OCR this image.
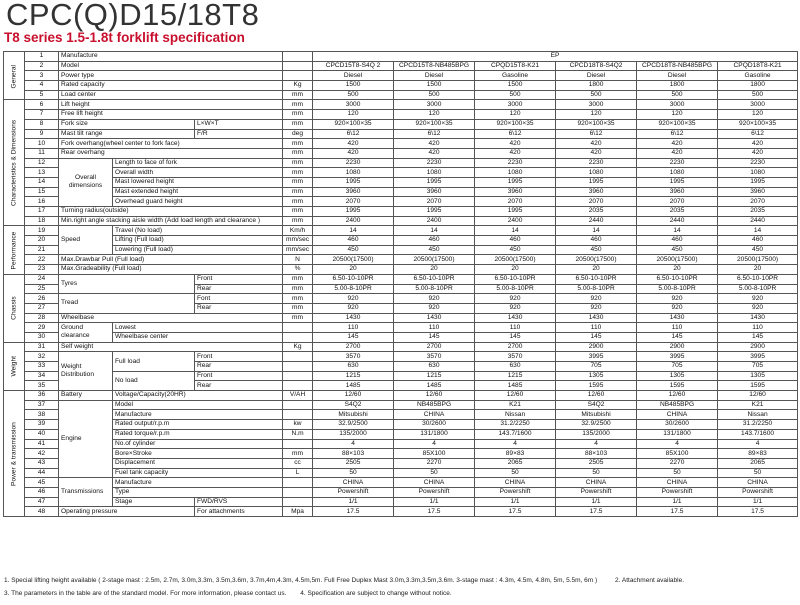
CPC(Q)D15/18T8
T8 series 1.5-1.8t forklift specification
General	1	Manufacture				EP					
	2	Model				CPCD15T8-S4Q 2	CPCD15T8-NB485BPG	CPQD15T8-K21	CPCD18T8-S4Q2	CPCD18T8-NB485BPG	CPQD18T8-K21
	3	Power type				Diesel	Diesel	Gasoline	Diesel	Diesel	Gasoline
	4	Rated capacity			Kg	1500	1500	1500	1800	1800	1800
	5	Load center			mm	500	500	500	500	500	500
Characteristics & Dimensions	6	Lift height			mm	3000	3000	3000	3000	3000	3000
	7	Free lift height			mm	120	120	120	120	120	120
	8	Fork size		L×W×T	mm	920×100×35	920×100×35	920×100×35	920×100×35	920×100×35	920×100×35
	9	Mast tilt range		F/R	deg	6\12	6\12	6\12	6\12	6\12	6\12
	10	Fork overhang(wheel center to fork face)			mm	420	420	420	420	420	420
	11	Rear overhang			mm	420	420	420	420	420	420
	12	Overall dimensions	Length to face of fork		mm	2230	2230	2230	2230	2230	2230
	13		Overall width		mm	1080	1080	1080	1080	1080	1080
	14		Mast lowered height		mm	1995	1995	1995	1995	1995	1995
	15		Mast extended height		mm	3960	3960	3960	3960	3960	3960
	16		Overhead guard height		mm	2070	2070	2070	2070	2070	2070
	17	Turning radius(outside)			mm	1995	1995	1995	2035	2035	2035
	18	Min.right angle stacking aisle width (Add load length and clearance )			mm	2400	2400	2400	2440	2440	2440
Performance	19	Speed	Travel (No load)		Km/h	14	14	14	14	14	14
	20		Lifting (Full load)		mm/sec	460	460	460	460	460	460
	21		Lowering (Full load)		mm/sec	450	450	450	450	450	450
	22	Max.Drawbar Pull (Full load)			N	20500(17500)	20500(17500)	20500(17500)	20500(17500)	20500(17500)	20500(17500)
	23	Max.Gradeability (Full load)			%	20	20	20	20	20	20
Chassis	24	Tyres		Front	mm	6.50-10-10PR	6.50-10-10PR	6.50-10-10PR	6.50-10-10PR	6.50-10-10PR	6.50-10-10PR
	25			Rear	mm	5.00-8-10PR	5.00-8-10PR	5.00-8-10PR	5.00-8-10PR	5.00-8-10PR	5.00-8-10PR
	26	Tread		Font	mm	920	920	920	920	920	920
	27			Rear	mm	920	920	920	920	920	920
	28	Wheelbase			mm	1430	1430	1430	1430	1430	1430
	29	Ground clearance	Lowest			110	110	110	110	110	110
	30		Wheelbase center			145	145	145	145	145	145
Weight	31	Self weight			Kg	2700	2700	2700	2900	2900	2900
	32	Weight Distribution	Full load	Front		3570	3570	3570	3995	3995	3995
	33			Rear		630	630	630	705	705	705
	34		No load	Front		1215	1215	1215	1305	1305	1305
	35			Rear		1485	1485	1485	1595	1595	1595
Power & transmission	36	Battery	Voltage/Capacity(20HR)		V/AH	12/60	12/60	12/60	12/60	12/60	12/60
	37	Engine	Model			S4Q2	NB485BPG	K21	S4Q2	NB485BPG	K21
	38		Manufacture			Mitsubishi	CHINA	Nissan	Mitsubishi	CHINA	Nissan
	39		Rated output/r.p.m		kw	32.9/2500	30/2600	31.2/2250	32.9/2500	30/2600	31.2/2250
	40		Rated torque/r.p.m		N.m	135/2000	131/1800	143.7/1600	135/2000	131/1800	143.7/1600
	41		No.of cylinder			4	4	4	4	4	4
	42		Bore×Stroke		mm	88×103	85X100	89×83	88×103	85X100	89×83
	43		Displacement		cc	2505	2270	2065	2505	2270	2065
	44		Fuel tank capacity		L	50	50	50	50	50	50
	45	Transmissions	Manufacture			CHINA	CHINA	CHINA	CHINA	CHINA	CHINA
	46		Type			Powershift	Powershift	Powershift	Powershift	Powershift	Powershift
	47		Stage	FWD/RVS		1/1	1/1	1/1	1/1	1/1	1/1
	48	Operating pressure		For attachments	Mpa	17.5	17.5	17.5	17.5	17.5	17.5
1. Special lifting height available ( 2-stage mast : 2.5m, 2.7m, 3.0m,3.3m, 3.5m,3.6m, 3.7m,4m,4.3m, 4.5m,5m. Full Free Duplex Mast 3.0m,3.3m,3.5m,3.6m. 3-stage mast : 4.3m, 4.5m, 4.8m, 5m, 5.5m, 6m )	2. Attachment available.
3. The parameters in the table are of the standard model. For more information, please contact us. 4. Specification are subject to change without notice.
